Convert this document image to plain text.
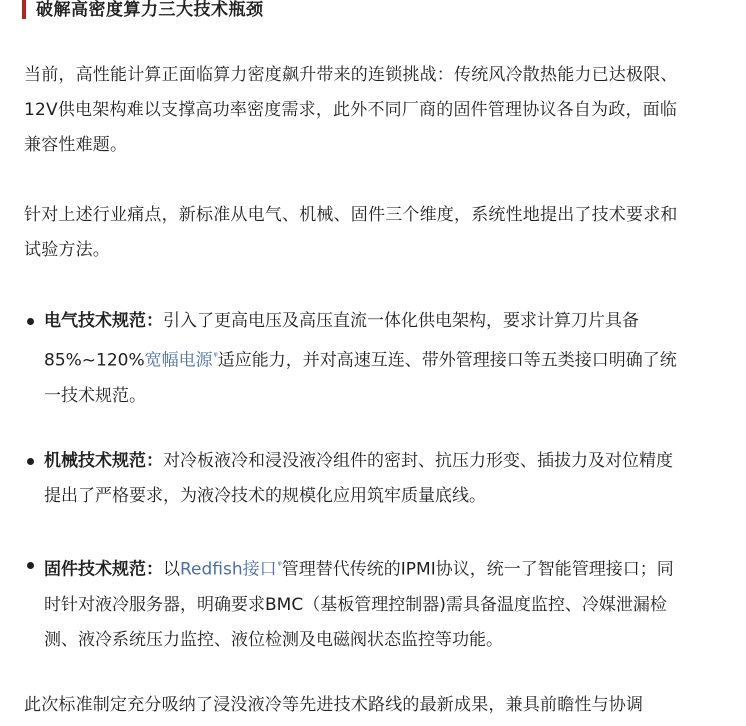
破解高密度算力三大技术瓶颈

当前，高性能计算正面临算力密度飙升带来的连锁挑战：传统风冷散热能力已达极限、12V供电架构难以支撑高功率密度需求，此外不同厂商的固件管理协议各自为政，面临兼容性难题。

针对上述行业痛点，新标准从电气、机械、固件三个维度，系统性地提出了技术要求和试验方法。

电气技术规范：引入了更高电压及高压直流一体化供电架构，要求计算刀片具备85%~120%宽幅电源$^ᵠ$适应能力，并对高速互连、带外管理接口等五类接口明确了统一技术规范。
机械技术规范：对冷板液冷和浸没液冷组件的密封、抗压力形变、插拔力及对位精度提出了严格要求，为液冷技术的规模化应用筑牢质量底线。
固件技术规范：以Redfish接口$^ᵠ$管理替代传统的IPMI协议，统一了智能管理接口；同时针对液冷服务器，明确要求BMC（基板管理控制器)需具备温度监控、冷媒泄漏检测、液冷系统压力监控、液位检测及电磁阀状态监控等功能。

此次标准制定充分吸纳了浸没液冷等先进技术路线的最新成果，兼具前瞻性与协调
